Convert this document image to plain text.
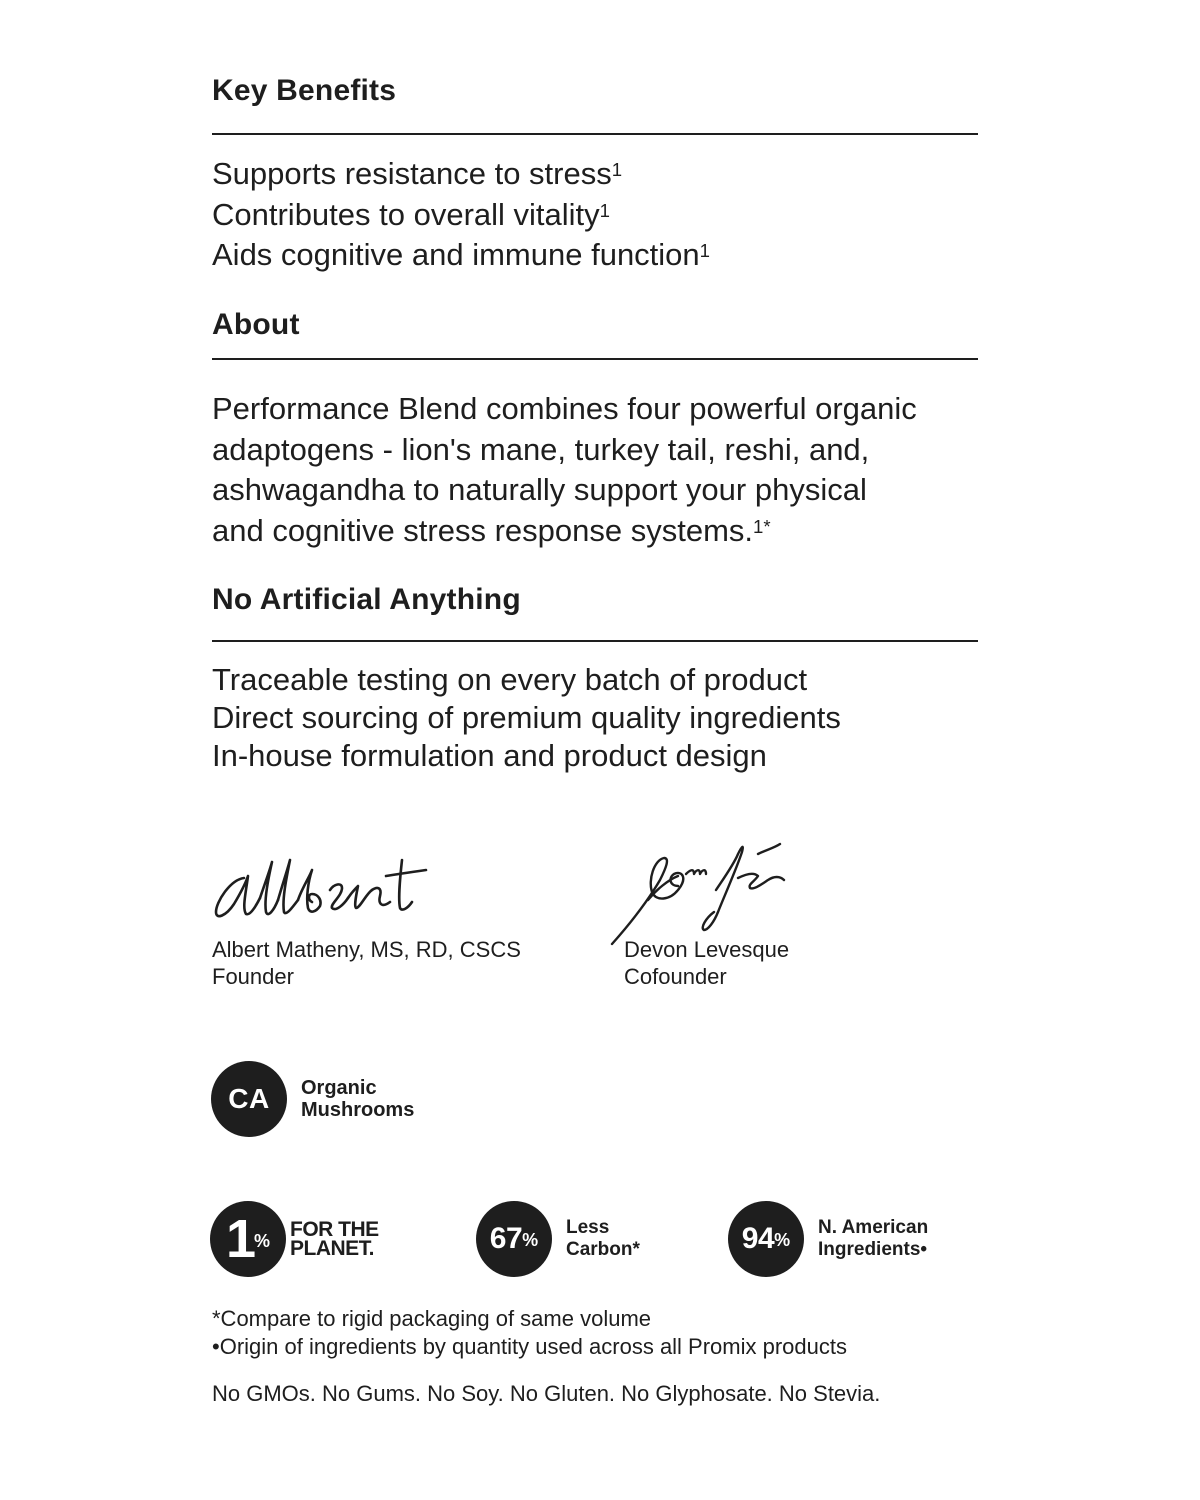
Key Benefits
Supports resistance to stress$^1$
Contributes to overall vitality$^1$
Aids cognitive and immune function$^1$
About
Performance Blend combines four powerful organic
adaptogens - lion's mane, turkey tail, reshi, and,
ashwagandha to naturally support your physical
and cognitive stress response systems.$^{1*}$
No Artificial Anything
Traceable testing on every batch of product
Direct sourcing of premium quality ingredients
In-house formulation and product design
Albert Matheny, MS, RD, CSCS
Founder
Devon Levesque
Cofounder
CA Organic
Mushrooms
1 % FOR THE
PLANET.	67 %
Less
Carbon*	94 %
N. American
Ingredients•
*Compare to rigid packaging of same volume
•Origin of ingredients by quantity used across all Promix products
No GMOs. No Gums. No Soy. No Gluten. No Glyphosate. No Stevia.
